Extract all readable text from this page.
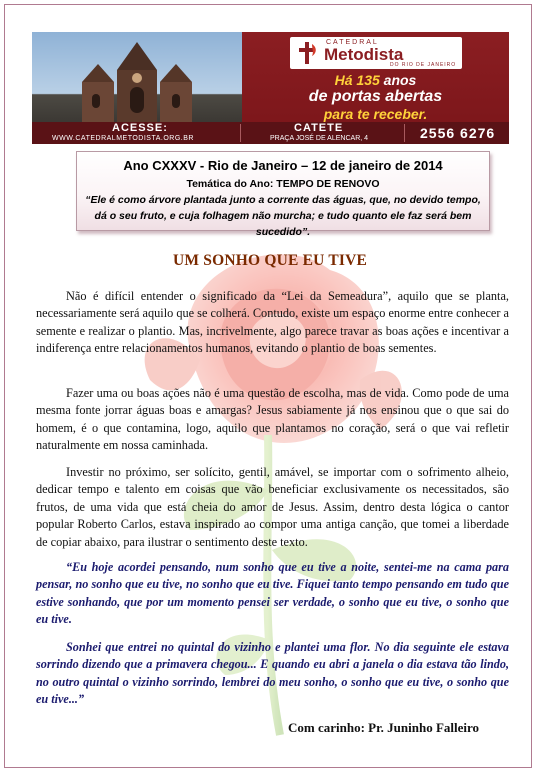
CATEDRAL
Metodista
DO RIO DE JANEIRO
Há 135 anos
de portas abertas
para te receber.
ACESSE:
WWW.CATEDRALMETODISTA.ORG.BR
CATETE
PRAÇA JOSÉ DE ALENCAR, 4	2556 6276
Ano CXXXV - Rio de Janeiro – 12 de janeiro de 2014
Temática do Ano: TEMPO DE RENOVO
“Ele é como árvore plantada junto a corrente das águas, que, no devido tempo, dá o seu fruto, e cuja folhagem não murcha; e tudo quanto ele faz será bem sucedido”.
UM SONHO QUE EU TIVE
Não é difícil entender o significado da “Lei da Semeadura”, aquilo que se planta, necessariamente será aquilo que se colherá. Contudo, existe um espaço enorme entre conhecer a semente e realizar o plantio. Mas, incrivelmente, algo parece travar as boas ações e incentivar a indiferença entre relacionamentos humanos, evitando o plantio de boas sementes.
Fazer uma ou boas ações não é uma questão de escolha, mas de vida. Como pode de uma mesma fonte jorrar águas boas e amargas? Jesus sabiamente já nos ensinou que o que sai do homem, é o que contamina, logo, aquilo que plantamos no coração, será o que vai refletir naturalmente em nossa caminhada.
Investir no próximo, ser solícito, gentil, amável, se importar com o sofrimento alheio, dedicar tempo e talento em coisas que vão beneficiar exclusivamente os necessitados, são frutos, de uma vida que está cheia do amor de Jesus. Assim, dentro desta lógica o cantor popular Roberto Carlos, estava inspirado ao compor uma antiga canção, que tomei a liberdade de copiar abaixo, para ilustrar o sentimento deste texto.
“Eu hoje acordei pensando, num sonho que eu tive a noite, sentei-me na cama para pensar, no sonho que eu tive, no sonho que eu tive. Fiquei tanto tempo pensando em tudo que estive sonhando, que por um momento pensei ser verdade, o sonho que eu tive, o sonho que eu tive.
Sonhei que entrei no quintal do vizinho e plantei uma flor. No dia seguinte ele estava sorrindo dizendo que a primavera chegou... E quando eu abri a janela o dia estava tão lindo, no outro quintal o vizinho sorrindo, lembrei do meu sonho, o sonho que eu tive, o sonho que eu tive...”
Com carinho: Pr. Juninho Falleiro
